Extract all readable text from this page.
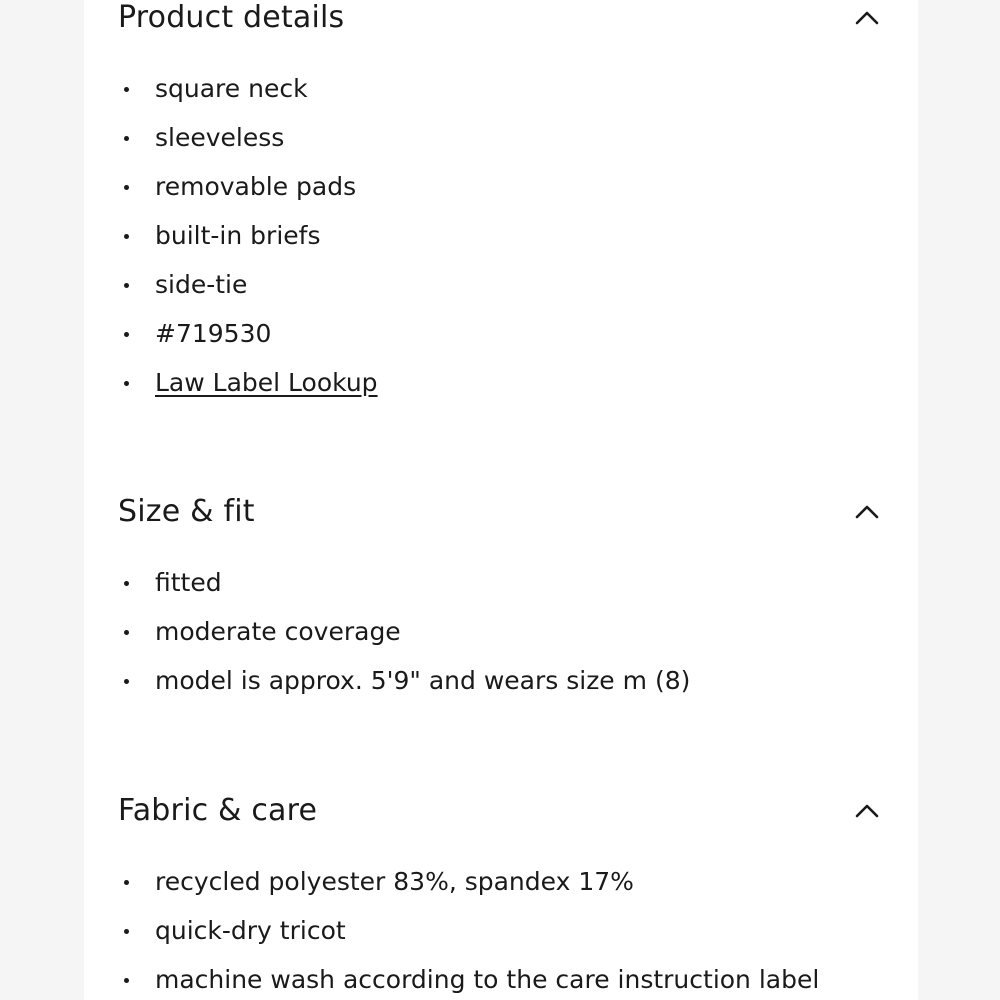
Product details
square neck
sleeveless
removable pads
built-in briefs
side-tie
#719530
Law Label Lookup
Size & fit
fitted
moderate coverage
model is approx. 5'9" and wears size m (8)
Fabric & care
recycled polyester 83%, spandex 17%
quick-dry tricot
machine wash according to the care instruction label
